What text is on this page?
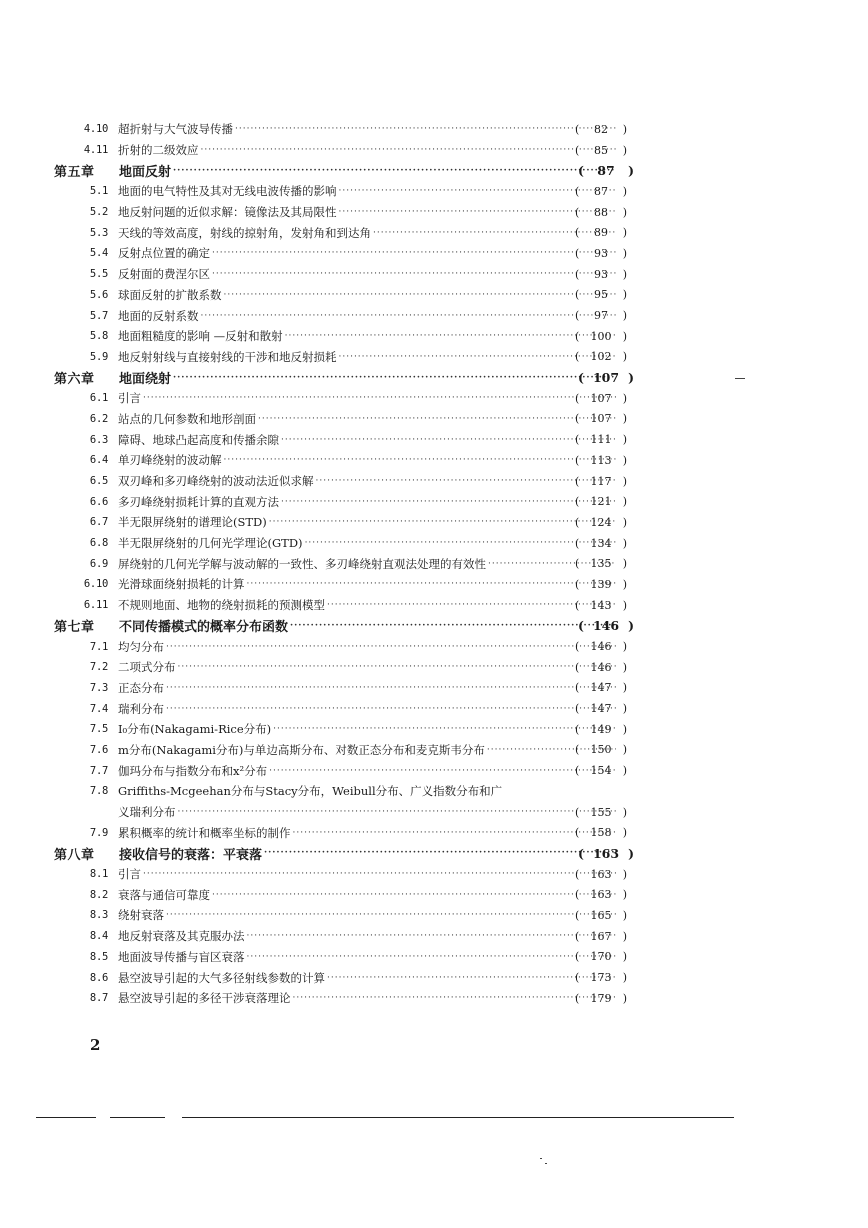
4.10 超折射与大气波导传播 ·····	( 82 )
4.11 折射的二级效应 ·····	( 85 )
第五章 地面反射 ·····	( 87 )
5.1 地面的电气特性及其对无线电波传播的影响 ·····	( 87 )
5.2 地反射问题的近似求解：镜像法及其局限性 ·····	( 88 )
5.3 天线的等效高度，射线的掠射角，发射角和到达角 ·····	( 89 )
5.4 反射点位置的确定 ·····	( 93 )
5.5 反射面的费涅尔区 ·····	( 93 )
5.6 球面反射的扩散系数 ·····	( 95 )
5.7 地面的反射系数 ·····	( 97 )
5.8 地面粗糙度的影响 —反射和散射 ·····	( 100 )
5.9 地反射射线与直接射线的干涉和地反射损耗 ·····	( 102 )
第六章 地面绕射 ·····	( 107 )
6.1 引言 ·····	( 107 )
6.2 站点的几何参数和地形剖面 ·····	( 107 )
6.3 障碍、地球凸起高度和传播余隙 ·····	( 111 )
6.4 单刃峰绕射的波动解 ·····	( 113 )
6.5 双刃峰和多刃峰绕射的波动法近似求解 ·····	( 117 )
6.6 多刃峰绕射损耗计算的直观方法 ·····	( 121 )
6.7 半无限屏绕射的谱理论(STD) ·····	( 124 )
6.8 半无限屏绕射的几何光学理论(GTD) ·····	( 134 )
6.9 屏绕射的几何光学解与波动解的一致性、多刃峰绕射直观法处理的有效性 ·····	( 135 )
6.10 光滑球面绕射损耗的计算 ·····	( 139 )
6.11 不规则地面、地物的绕射损耗的预测模型 ·····	( 143 )
第七章 不同传播模式的概率分布函数 ·····	( 146 )
7.1 均匀分布 ·····	( 146 )
7.2 二项式分布 ·····	( 146 )
7.3 正态分布 ·····	( 147 )
7.4 瑞利分布 ·····	( 147 )
7.5 I₀分布(Nakagami-Rice分布) ·····	( 149 )
7.6 m分布(Nakagami分布)与单边高斯分布、对数正态分布和麦克斯韦分布 ·····	( 150 )
7.7 伽玛分布与指数分布和x²分布 ·····	( 154 )
7.8 Griffiths-Mcgeehan分布与Stacy分布，Weibull分布、广义指数分布和广
义瑞利分布 ·····	( 155 )
7.9 累积概率的统计和概率坐标的制作 ·····	( 158 )
第八章 接收信号的衰落：平衰落 ·····	( 163 )
8.1 引言 ·····	( 163 )
8.2 衰落与通信可靠度 ·····	( 163 )
8.3 绕射衰落 ·····	( 165 )
8.4 地反射衰落及其克服办法 ·····	( 167 )
8.5 地面波导传播与盲区衰落 ·····	( 170 )
8.6 悬空波导引起的大气多径射线参数的计算 ·····	( 173 )
8.7 悬空波导引起的多径干涉衰落理论 ·····	( 179 )
2
